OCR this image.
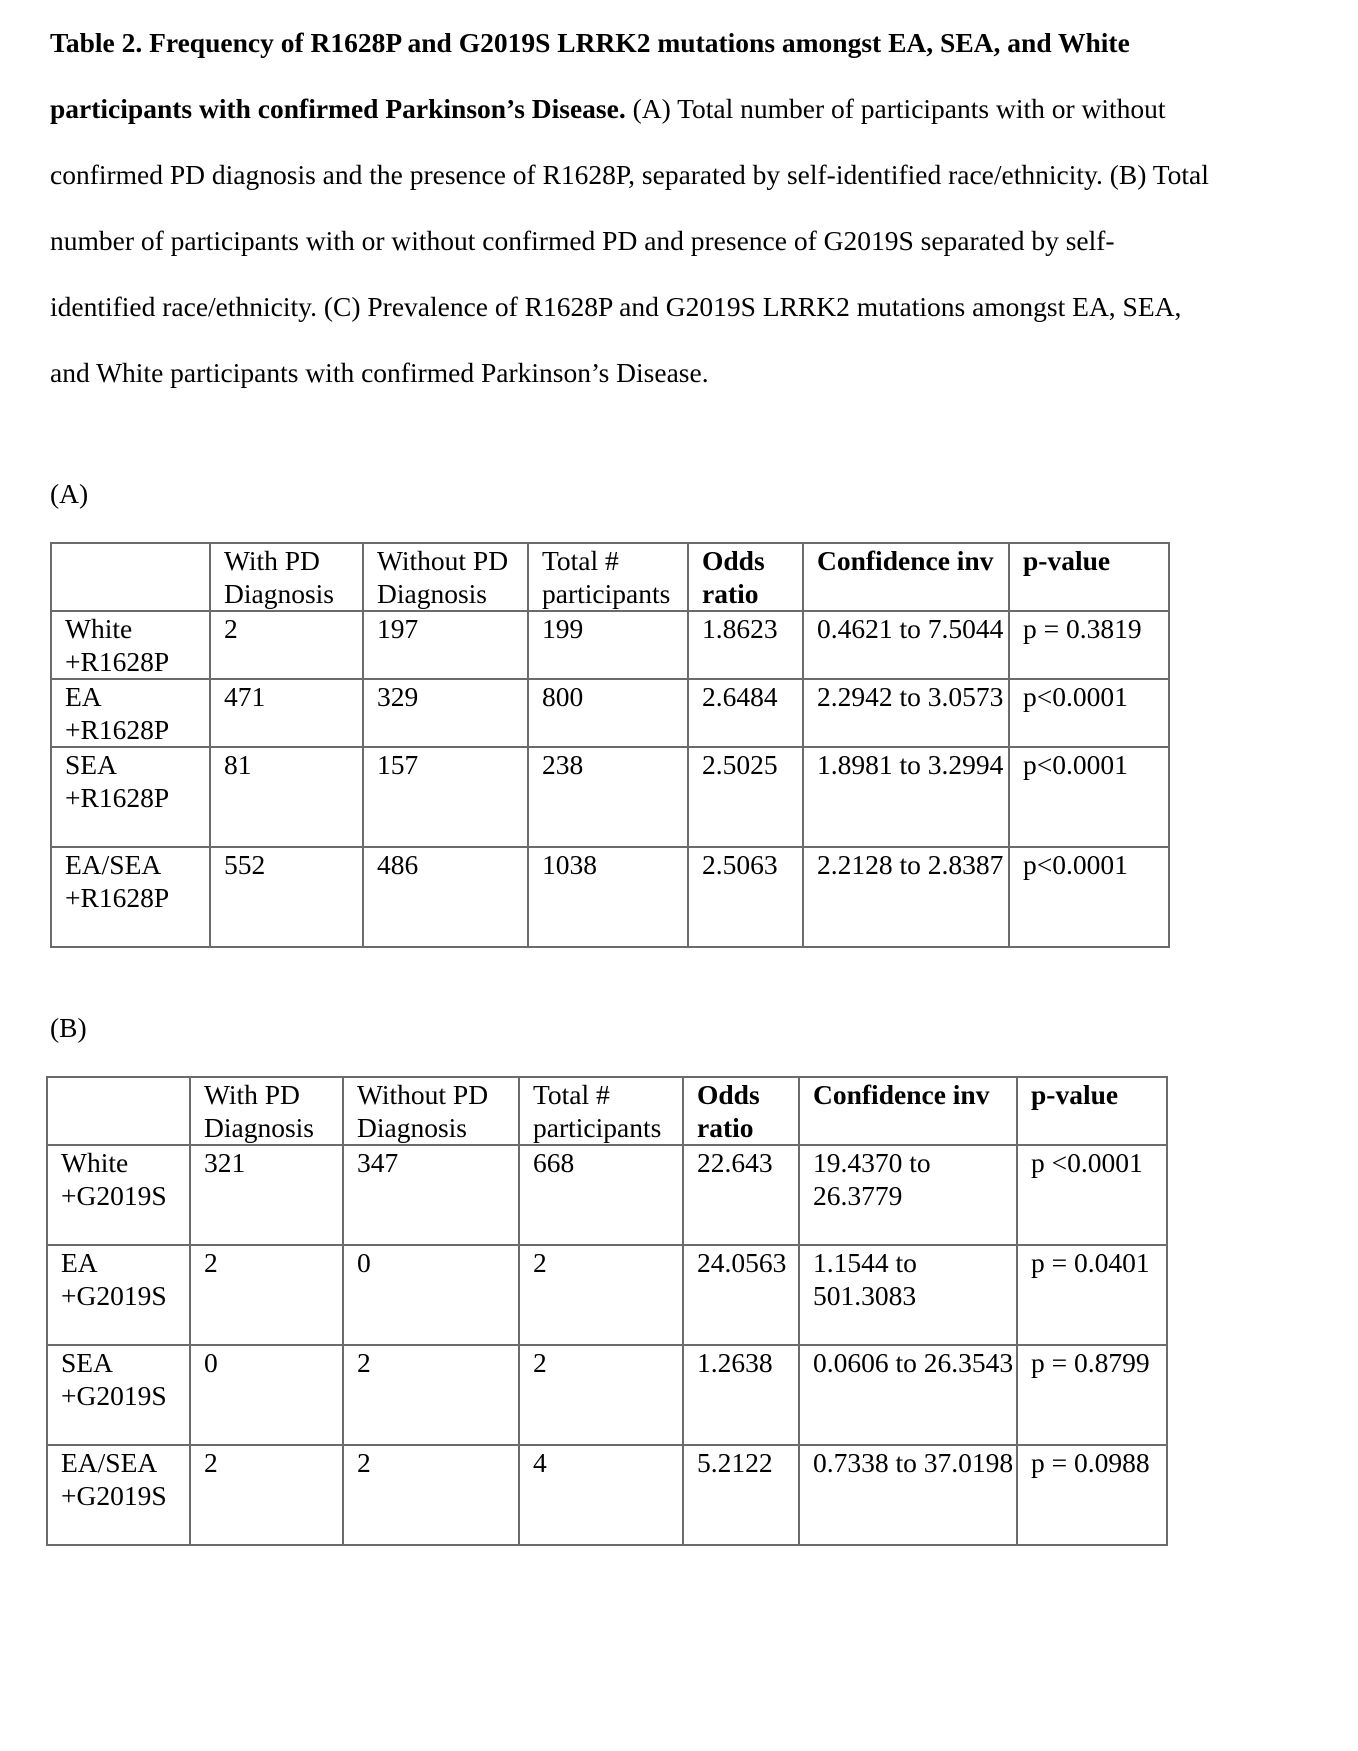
Table 2. Frequency of R1628P and G2019S LRRK2 mutations amongst EA, SEA, and White participants with confirmed Parkinson’s Disease. (A) Total number of participants with or without confirmed PD diagnosis and the presence of R1628P, separated by self-identified race/ethnicity. (B) Total number of participants with or without confirmed PD and presence of G2019S separated by self-identified race/ethnicity. (C) Prevalence of R1628P and G2019S LRRK2 mutations amongst EA, SEA, and White participants with confirmed Parkinson’s Disease.
(A)
	With PD Diagnosis	Without PD Diagnosis	Total # participants	Odds ratio	Confidence inv	p-value
White +R1628P	2	197	199	1.8623	0.4621 to 7.5044	p = 0.3819
EA +R1628P	471	329	800	2.6484	2.2942 to 3.0573	p<0.0001
SEA +R1628P	81	157	238	2.5025	1.8981 to 3.2994	p<0.0001
EA/SEA +R1628P	552	486	1038	2.5063	2.2128 to 2.8387	p<0.0001
(B)
	With PD Diagnosis	Without PD Diagnosis	Total # participants	Odds ratio	Confidence inv	p-value
White +G2019S	321	347	668	22.643	19.4370 to 26.3779	p <0.0001
EA +G2019S	2	0	2	24.0563	1.1544 to 501.3083	p = 0.0401
SEA +G2019S	0	2	2	1.2638	0.0606 to 26.3543	p = 0.8799
EA/SEA +G2019S	2	2	4	5.2122	0.7338 to 37.0198	p = 0.0988
